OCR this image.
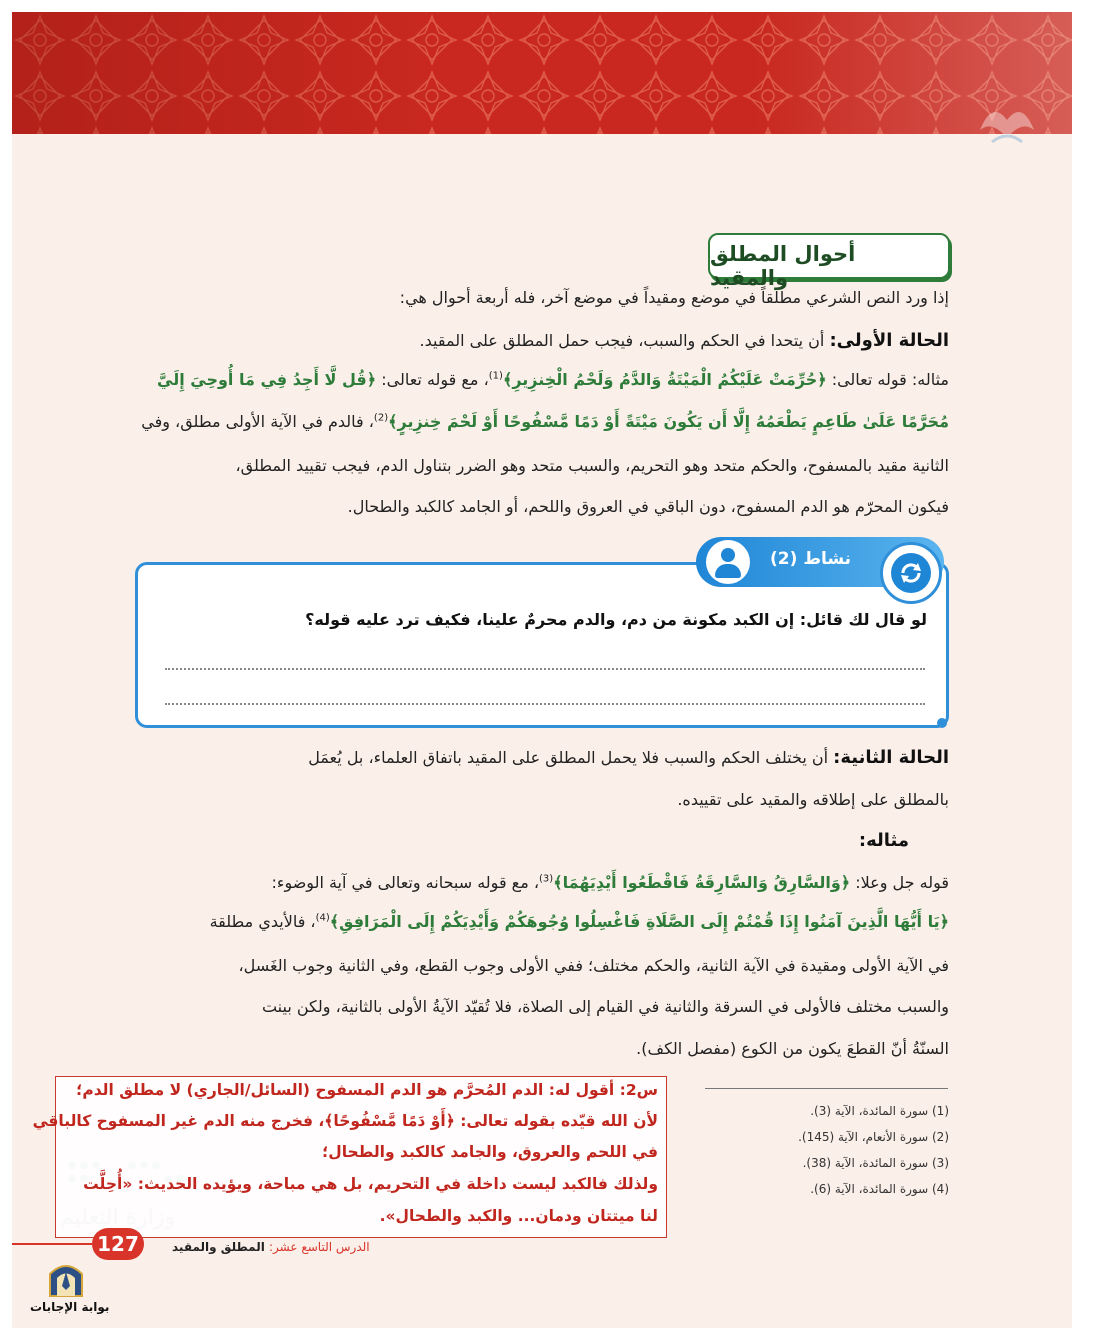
أحوال المطلق والمقيد
إذا ورد النص الشرعي مطلقاً في موضع ومقيداً في موضع آخر، فله أربعة أحوال هي:
الحالة الأولى: أن يتحدا في الحكم والسبب، فيجب حمل المطلق على المقيد.
مثاله: قوله تعالى: ﴿حُرِّمَتْ عَلَيْكُمُ الْمَيْتَةُ وَالدَّمُ وَلَحْمُ الْخِنزِيرِ﴾$^{(1)}$، مع قوله تعالى: ﴿قُل لَّا أَجِدُ فِي مَا أُوحِيَ إِلَيَّ
مُحَرَّمًا عَلَىٰ طَاعِمٍ يَطْعَمُهُ إِلَّا أَن يَكُونَ مَيْتَةً أَوْ دَمًا مَّسْفُوحًا أَوْ لَحْمَ خِنزِيرٍ﴾$^{(2)}$، فالدم في الآية الأولى مطلق، وفي
الثانية مقيد بالمسفوح، والحكم متحد وهو التحريم، والسبب متحد وهو الضرر بتناول الدم، فيجب تقييد المطلق،
فيكون المحرّم هو الدم المسفوح، دون الباقي في العروق واللحم، أو الجامد كالكبد والطحال.
نشاط (2)
لو قال لك قائل: إن الكبد مكونة من دم، والدم محرمٌ علينا، فكيف ترد عليه قوله؟
الحالة الثانية: أن يختلف الحكم والسبب فلا يحمل المطلق على المقيد باتفاق العلماء، بل يُعمَل
بالمطلق على إطلاقه والمقيد على تقييده.
مثاله:
قوله جل وعلا: ﴿وَالسَّارِقُ وَالسَّارِقَةُ فَاقْطَعُوا أَيْدِيَهُمَا﴾$^{(3)}$، مع قوله سبحانه وتعالى في آية الوضوء:
﴿يَا أَيُّهَا الَّذِينَ آمَنُوا إِذَا قُمْتُمْ إِلَى الصَّلَاةِ فَاغْسِلُوا وُجُوهَكُمْ وَأَيْدِيَكُمْ إِلَى الْمَرَافِقِ﴾$^{(4)}$، فالأيدي مطلقة
في الآية الأولى ومقيدة في الآية الثانية، والحكم مختلف؛ ففي الأولى وجوب القطع، وفي الثانية وجوب الغَسل،
والسبب مختلف فالأولى في السرقة والثانية في القيام إلى الصلاة، فلا تُقيّد الآيةُ الأولى بالثانية، ولكن بينت
السنّةُ أنّ القطعَ يكون من الكوع (مفصل الكف).
(1) سورة المائدة، الآية (3).
(2) سورة الأنعام، الآية (145).
(3) سورة المائدة، الآية (38).
(4) سورة المائدة، الآية (6).
س2: أقول له: الدم المُحرَّم هو الدم المسفوح (السائل/الجاري) لا مطلق الدم؛
لأن الله قيّده بقوله تعالى: ﴿أَوْ دَمًا مَّسْفُوحًا﴾، فخرج منه الدم غير المسفوح كالباقي
في اللحم والعروق، والجامد كالكبد والطحال؛
ولذلك فالكبد ليست داخلة في التحريم، بل هي مباحة، ويؤيده الحديث: «أُحِلَّت
لنا ميتتان ودمان... والكبد والطحال».
127	الدرس التاسع عشر: المطلق والمقيد
بوابة الإجابات
